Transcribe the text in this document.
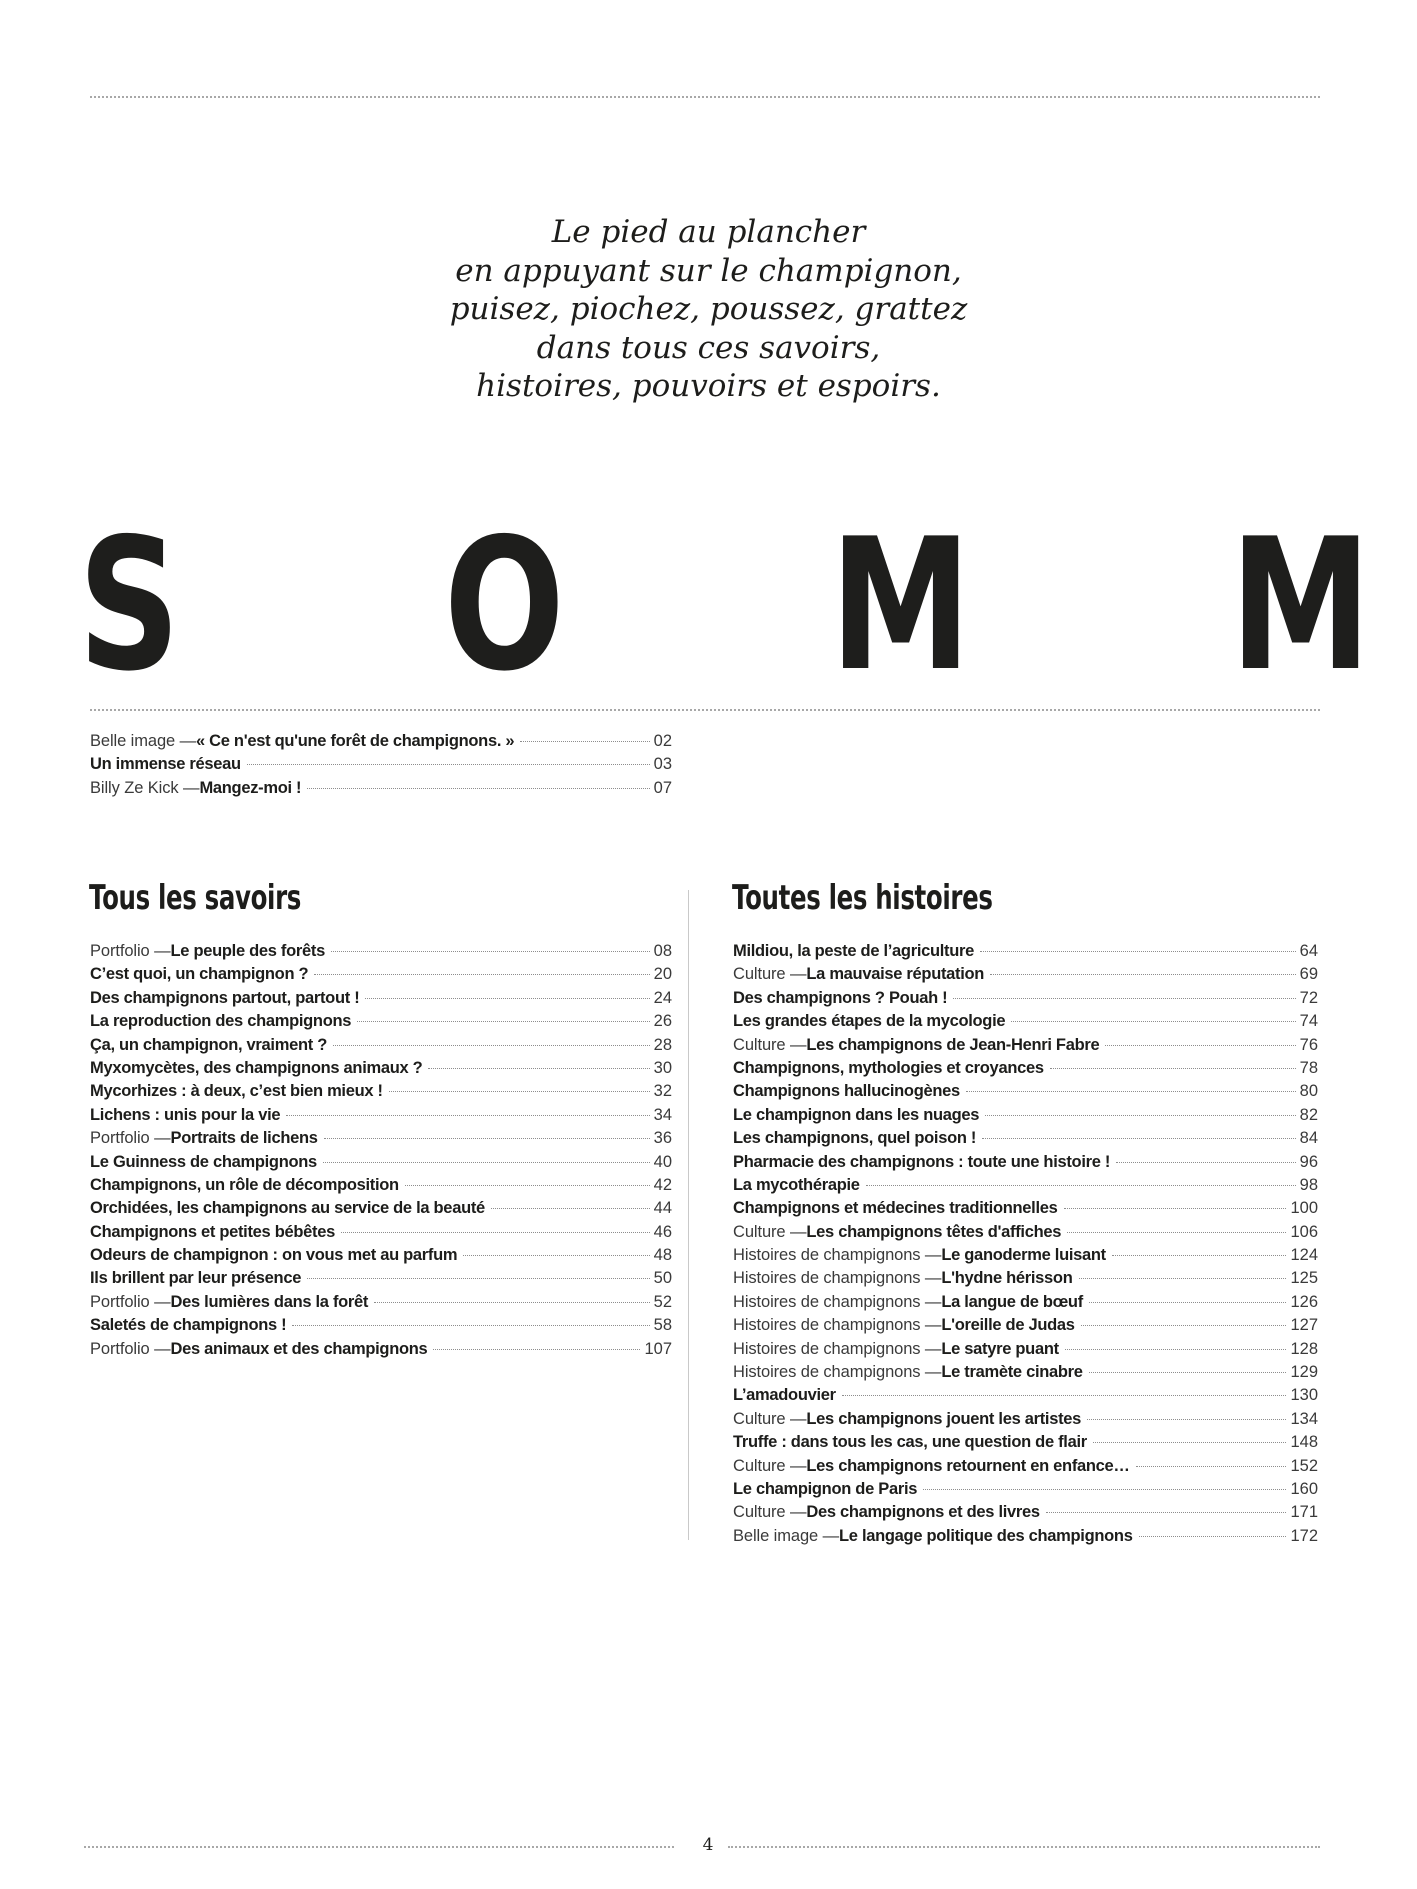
Le pied au plancher
en appuyant sur le champignon,
puisez, piochez, poussez, grattez
dans tous ces savoirs,
histoires, pouvoirs et espoirs.
S O M M
Belle image — « Ce n'est qu'une forêt de champignons. »	02
Un immense réseau	03
Billy Ze Kick — Mangez-moi !	07
Tous les savoirs	Toutes les histoires
Portfolio — Le peuple des forêts	08
C’est quoi, un champignon ?	20
Des champignons partout, partout !	24
La reproduction des champignons	26
Ça, un champignon, vraiment ?	28
Myxomycètes, des champignons animaux ?	30
Mycorhizes : à deux, c’est bien mieux !	32
Lichens : unis pour la vie	34
Portfolio — Portraits de lichens	36
Le Guinness de champignons	40
Champignons, un rôle de décomposition	42
Orchidées, les champignons au service de la beauté	44
Champignons et petites bébêtes	46
Odeurs de champignon : on vous met au parfum	48
Ils brillent par leur présence	50
Portfolio — Des lumières dans la forêt	52
Saletés de champignons !	58
Portfolio — Des animaux et des champignons	107
Mildiou, la peste de l’agriculture	64
Culture — La mauvaise réputation	69
Des champignons ? Pouah !	72
Les grandes étapes de la mycologie	74
Culture — Les champignons de Jean-Henri Fabre	76
Champignons, mythologies et croyances	78
Champignons hallucinogènes	80
Le champignon dans les nuages	82
Les champignons, quel poison !	84
Pharmacie des champignons : toute une histoire !	96
La mycothérapie	98
Champignons et médecines traditionnelles	100
Culture — Les champignons têtes d'affiches	106
Histoires de champignons — Le ganoderme luisant	124
Histoires de champignons — L'hydne hérisson	125
Histoires de champignons — La langue de bœuf	126
Histoires de champignons — L'oreille de Judas	127
Histoires de champignons — Le satyre puant	128
Histoires de champignons — Le tramète cinabre	129
L’amadouvier	130
Culture — Les champignons jouent les artistes	134
Truffe : dans tous les cas, une question de flair	148
Culture — Les champignons retournent en enfance…	152
Le champignon de Paris	160
Culture — Des champignons et des livres	171
Belle image — Le langage politique des champignons	172
4
